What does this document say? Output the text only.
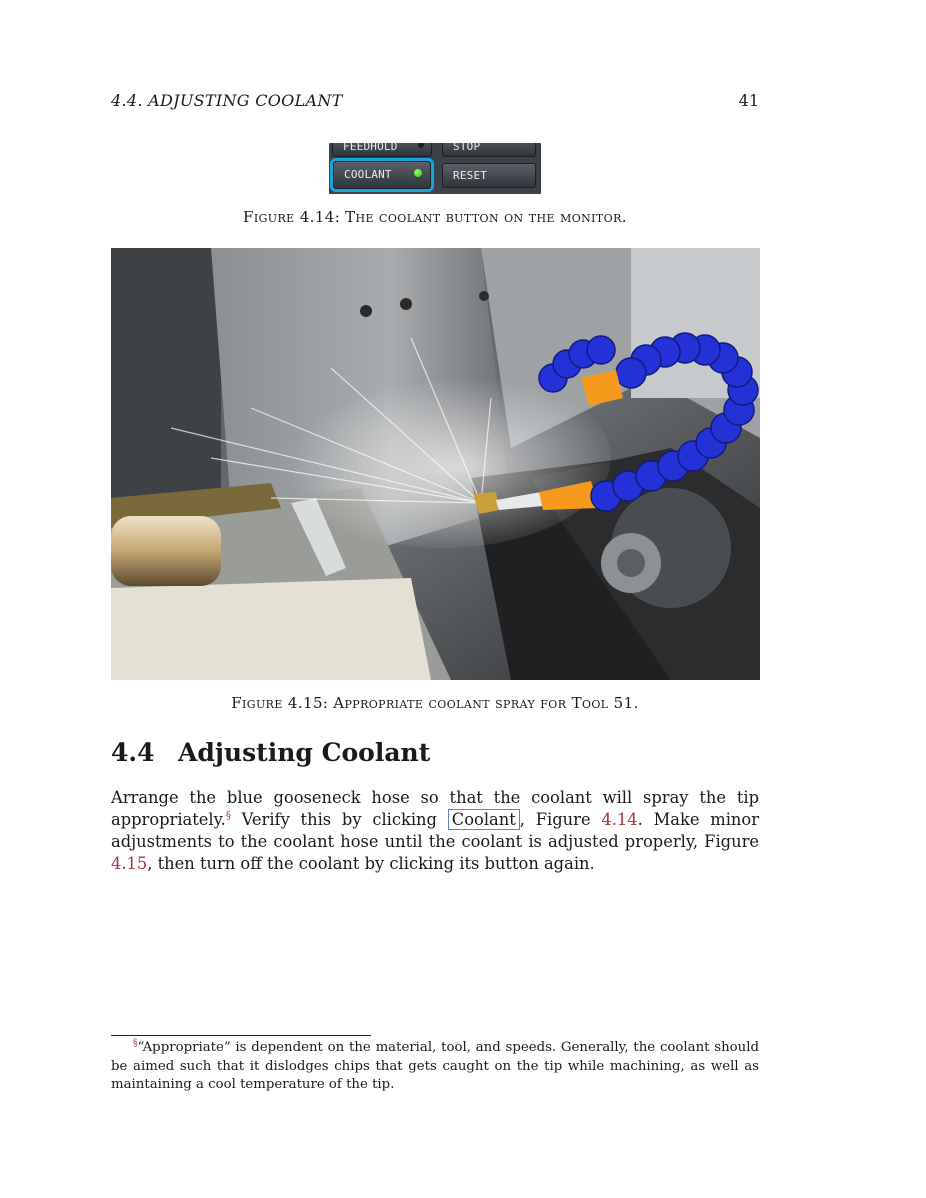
4.4. ADJUSTING COOLANT	41
FEEDHOLD	STOP
COOLANT	RESET
Figure 4.14: The coolant button on the monitor.
Figure 4.15: Appropriate coolant spray for Tool 51.
4.4 Adjusting Coolant
Arrange the blue gooseneck hose so that the coolant will spray the tip appropriately.§ Verify this by clicking Coolant , Figure 4.14. Make minor adjustments to the coolant hose until the coolant is adjusted properly, Figure 4.15, then turn off the coolant by clicking its button again.
§“Appropriate” is dependent on the material, tool, and speeds. Generally, the coolant should be aimed such that it dislodges chips that gets caught on the tip while machining, as well as maintaining a cool temperature of the tip.
